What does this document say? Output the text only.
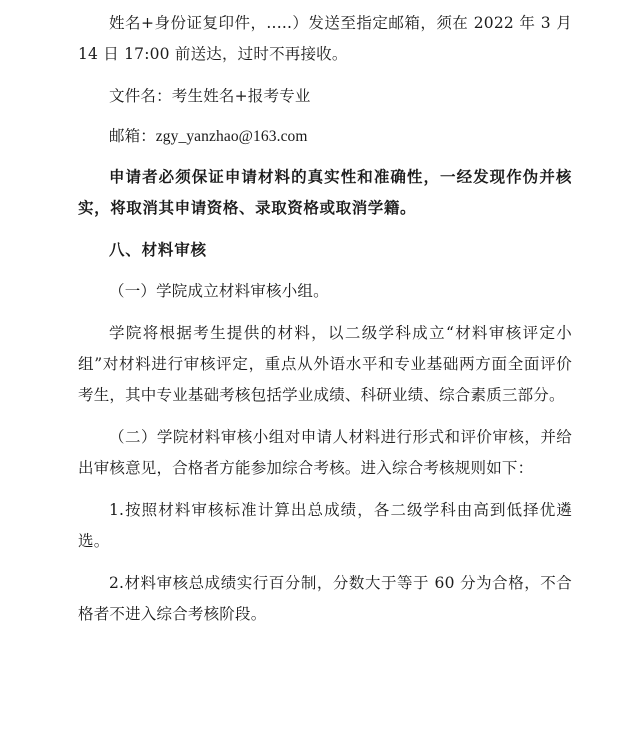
姓名+身份证复印件，.....）发送至指定邮箱，须在 2022 年 3 月 14 日 17:00 前送达，过时不再接收。

文件名：考生姓名+报考专业

邮箱：zgy_yanzhao@163.com

申请者必须保证申请材料的真实性和准确性，一经发现作伪并核实，将取消其申请资格、录取资格或取消学籍。

八、材料审核

（一）学院成立材料审核小组。

学院将根据考生提供的材料，以二级学科成立“材料审核评定小组”对材料进行审核评定，重点从外语水平和专业基础两方面全面评价考生，其中专业基础考核包括学业成绩、科研业绩、综合素质三部分。

（二）学院材料审核小组对申请人材料进行形式和评价审核，并给出审核意见，合格者方能参加综合考核。进入综合考核规则如下：

1.按照材料审核标准计算出总成绩，各二级学科由高到低择优遴选。

2.材料审核总成绩实行百分制，分数大于等于 60 分为合格，不合格者不进入综合考核阶段。
